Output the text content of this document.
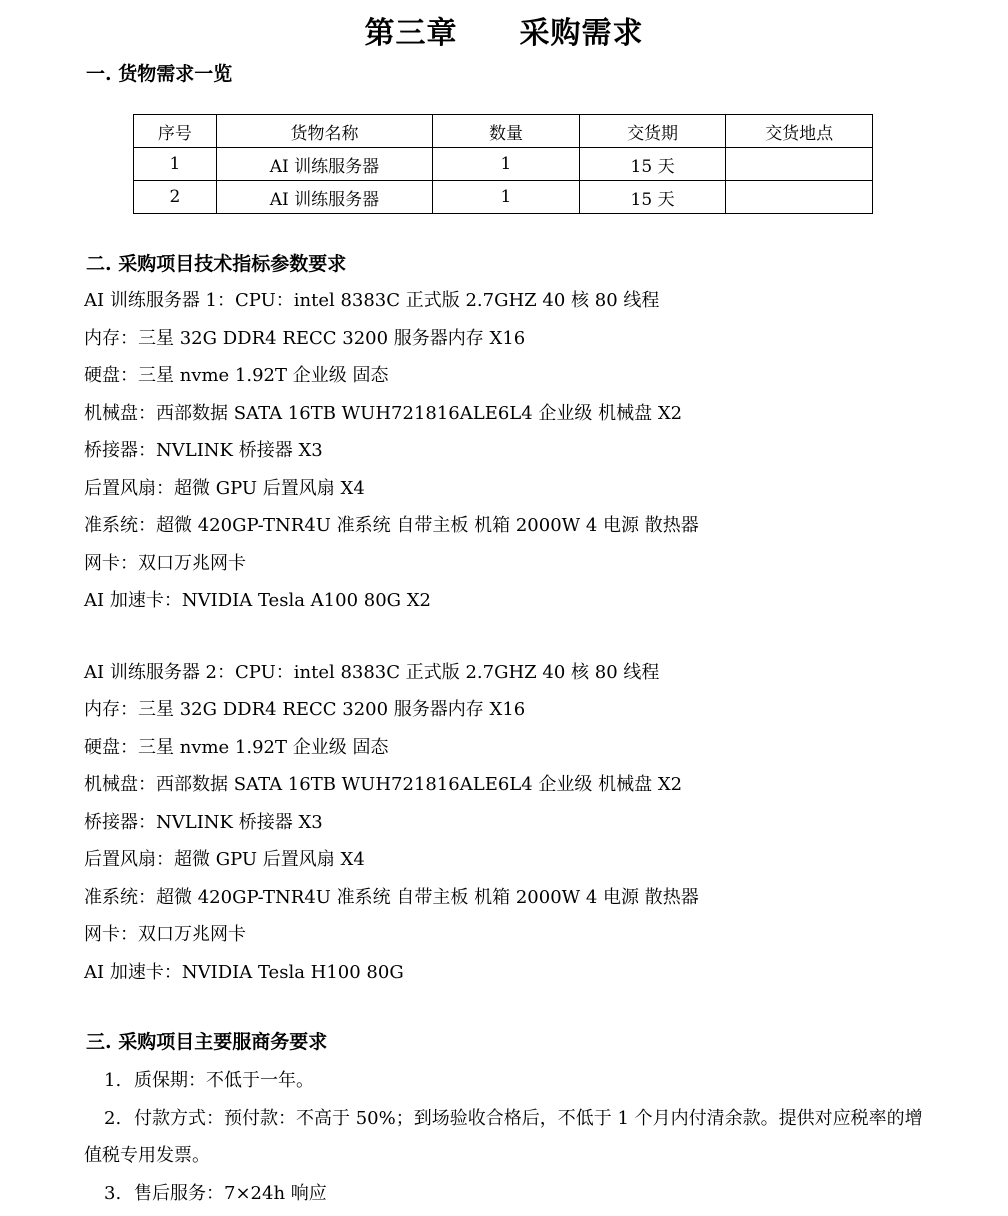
第三章　　采购需求
一. 货物需求一览
序号	货物名称	数量	交货期	交货地点
1	AI 训练服务器	1	15 天	
2	AI 训练服务器	1	15 天	
二. 采购项目技术指标参数要求
AI 训练服务器 1：CPU：intel 8383C 正式版 2.7GHZ 40 核 80 线程
内存：三星 32G DDR4 RECC 3200 服务器内存 X16
硬盘：三星 nvme 1.92T 企业级 固态
机械盘：西部数据 SATA 16TB WUH721816ALE6L4 企业级 机械盘 X2
桥接器：NVLINK 桥接器 X3
后置风扇：超微 GPU 后置风扇 X4
准系统：超微 420GP-TNR4U 准系统 自带主板 机箱 2000W 4 电源 散热器
网卡：双口万兆网卡
AI 加速卡：NVIDIA Tesla A100 80G X2
AI 训练服务器 2：CPU：intel 8383C 正式版 2.7GHZ 40 核 80 线程
内存：三星 32G DDR4 RECC 3200 服务器内存 X16
硬盘：三星 nvme 1.92T 企业级 固态
机械盘：西部数据 SATA 16TB WUH721816ALE6L4 企业级 机械盘 X2
桥接器：NVLINK 桥接器 X3
后置风扇：超微 GPU 后置风扇 X4
准系统：超微 420GP-TNR4U 准系统 自带主板 机箱 2000W 4 电源 散热器
网卡：双口万兆网卡
AI 加速卡：NVIDIA Tesla H100 80G
三. 采购项目主要服商务要求
1. 质保期：不低于一年。
2. 付款方式：预付款：不高于 50%；到场验收合格后，不低于 1 个月内付清余款。提供对应税率的增值税专用发票。
3. 售后服务：7×24h 响应
